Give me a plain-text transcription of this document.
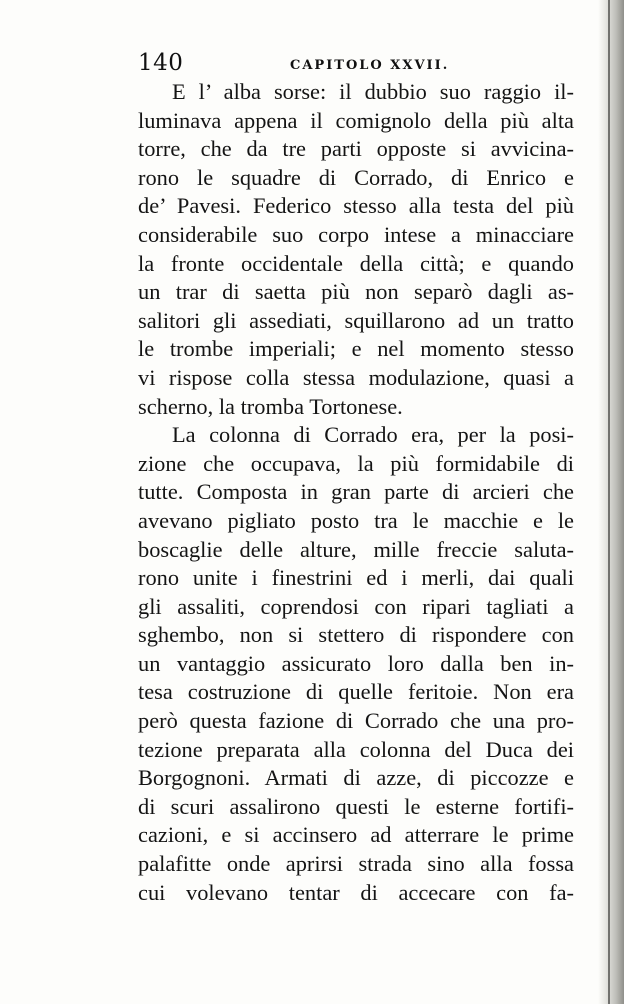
140	CAPITOLO XXVII.
E l’ alba sorse: il dubbio suo raggio il-
luminava appena il comignolo della più alta
torre, che da tre parti opposte si avvicina-
rono le squadre di Corrado, di Enrico e
de’ Pavesi. Federico stesso alla testa del più
considerabile suo corpo intese a minacciare
la fronte occidentale della città; e quando
un trar di saetta più non separò dagli as-
salitori gli assediati, squillarono ad un tratto
le trombe imperiali; e nel momento stesso
vi rispose colla stessa modulazione, quasi a
scherno, la tromba Tortonese.
La colonna di Corrado era, per la posi-
zione che occupava, la più formidabile di
tutte. Composta in gran parte di arcieri che
avevano pigliato posto tra le macchie e le
boscaglie delle alture, mille freccie saluta-
rono unite i finestrini ed i merli, dai quali
gli assaliti, coprendosi con ripari tagliati a
sghembo, non si stettero di rispondere con
un vantaggio assicurato loro dalla ben in-
tesa costruzione di quelle feritoie. Non era
però questa fazione di Corrado che una pro-
tezione preparata alla colonna del Duca dei
Borgognoni. Armati di azze, di piccozze e
di scuri assalirono questi le esterne fortifi-
cazioni, e si accinsero ad atterrare le prime
palafitte onde aprirsi strada sino alla fossa
cui volevano tentar di accecare con fa-
